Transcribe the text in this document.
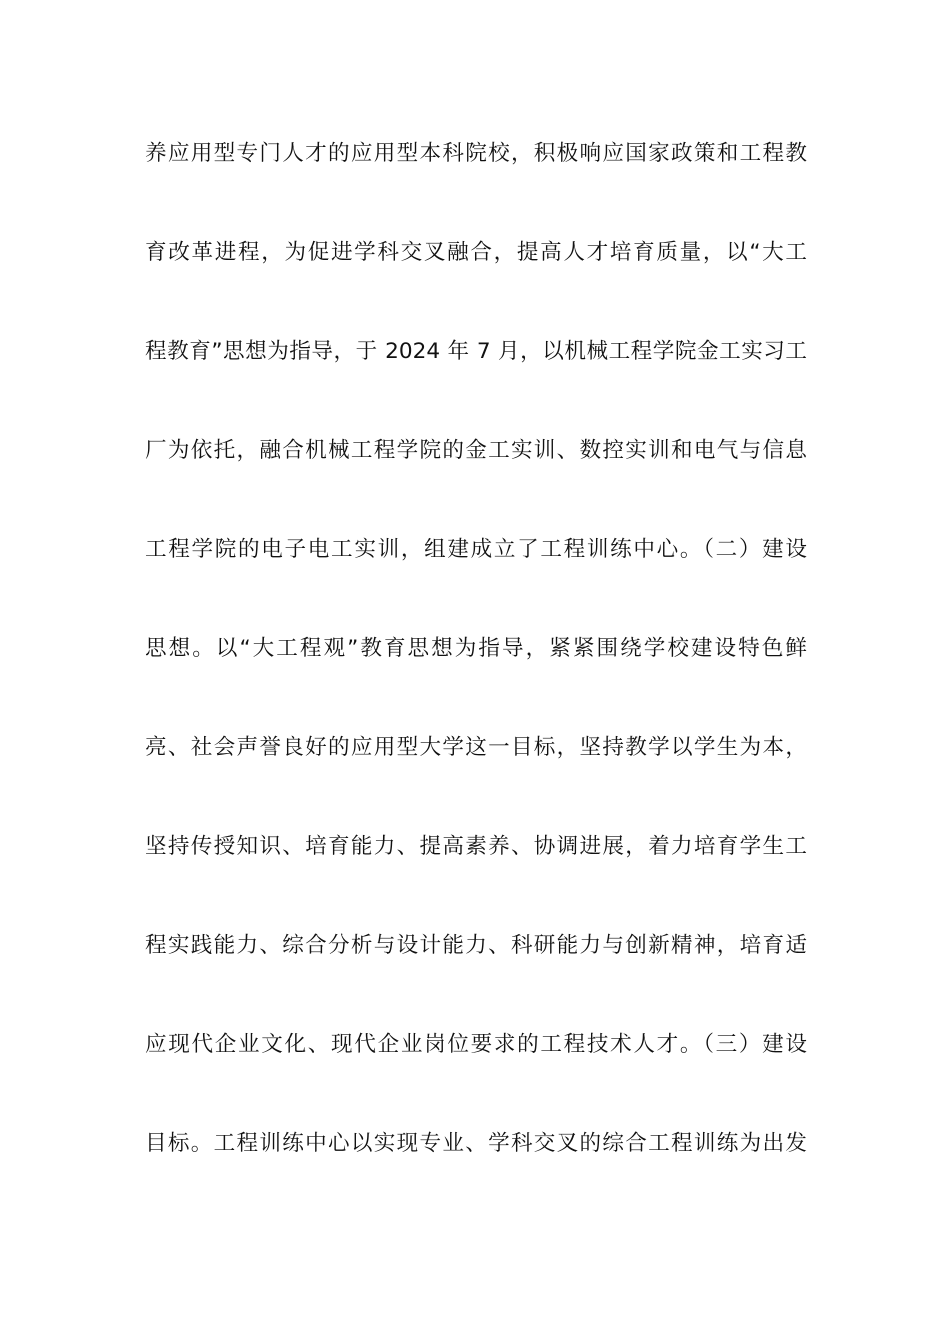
养应用型专门人才的应用型本科院校，积极响应国家政策和工程教
育改革进程，为促进学科交叉融合，提高人才培育质量，以“大工
程教育”思想为指导，于 2024 年 7 月，以机械工程学院金工实习工
厂为依托，融合机械工程学院的金工实训、数控实训和电气与信息
工程学院的电子电工实训，组建成立了工程训练中心。（二）建设
思想。以“大工程观”教育思想为指导，紧紧围绕学校建设特色鲜
亮、社会声誉良好的应用型大学这一目标，坚持教学以学生为本，
坚持传授知识、培育能力、提高素养、协调进展，着力培育学生工
程实践能力、综合分析与设计能力、科研能力与创新精神，培育适
应现代企业文化、现代企业岗位要求的工程技术人才。（三）建设
目标。工程训练中心以实现专业、学科交叉的综合工程训练为出发
